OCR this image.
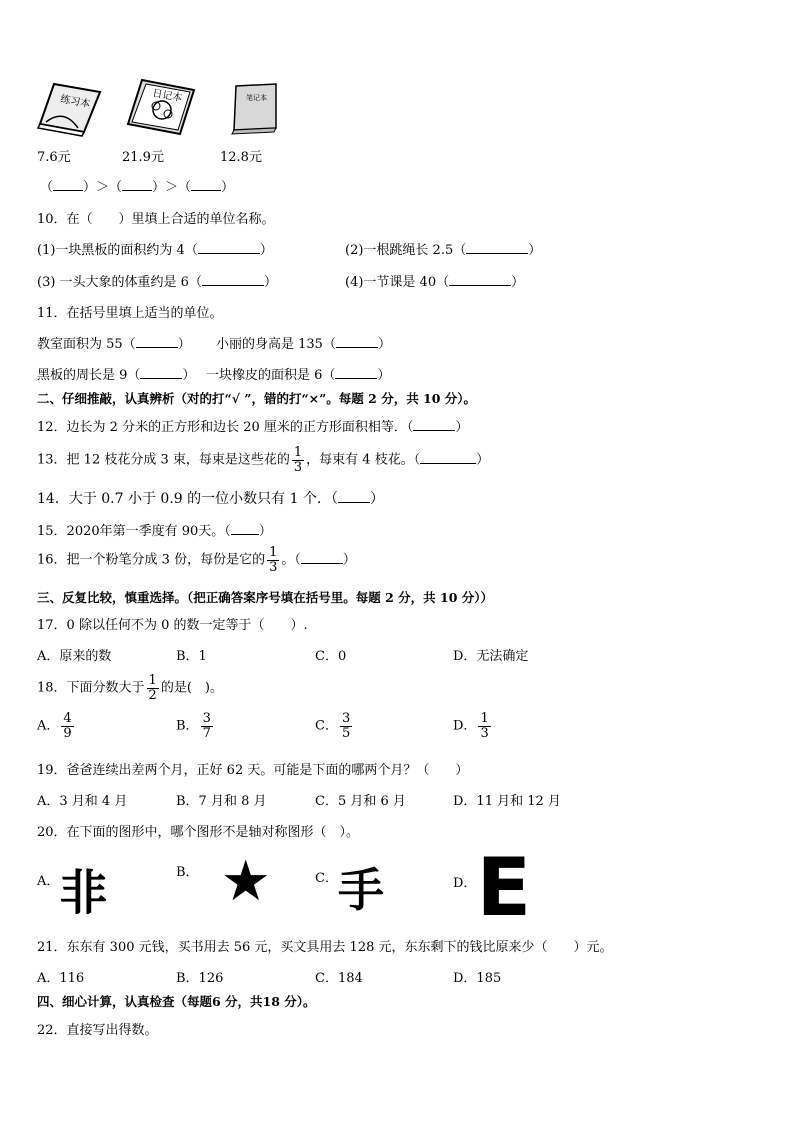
练习本	日记本	笔记本
7.6元	21.9元	12.8元
（ ）＞（ ）＞（ ）
10．在（　　）里填上合适的单位名称。
(1)一块黑板的面积约为 4（	）	(2)一根跳绳长 2.5（	）
(3) 一头大象的体重约是 6（	）	(4)一节课是 40（	）
11．在括号里填上适当的单位。
教室面积为 55（	） 小丽的身高是 135（	）
黑板的周长是 9（	） 一块橡皮的面积是 6（	）
二、仔细推敲，认真辨析（对的打“√ ”，错的打“×”。每题 2 分，共 10 分）。
12．边长为 2 分米的正方形和边长 20 厘米的正方形面积相等．（	）
13．把 12 枝花分成 3 束，每束是这些花的 $\frac{1}{3}$ ，每束有 4 枝花。（	）
14．大于 0.7 小于 0.9 的一位小数只有 1 个．（ ）
15．2020年第一季度有 90天。（ ）
16．把一个粉笔分成 3 份，每份是它的 $\frac{1}{3}$ 。（	）
三、反复比较，慎重选择。（把正确答案序号填在括号里。每题 2 分，共 10 分））
17．0 除以任何不为 0 的数一定等于（　　）.
A．原来的数	B．1	C．0	D．无法确定
18．下面分数大于 $\frac{1}{2}$ 的是(　)。
A． $\frac{4}{9}$	B． $\frac{3}{7}$	C． $\frac{3}{5}$	D． $\frac{1}{3}$
19．爸爸连续出差两个月，正好 62 天。可能是下面的哪两个月？（　　）
A．3 月和 4 月	B．7 月和 8 月	C．5 月和 6 月	D．11 月和 12 月
20．在下面的图形中，哪个图形不是轴对称图形（　）。
A．非	B． ★	C．手	D．E
21．东东有 300 元钱，买书用去 56 元，买文具用去 128 元，东东剩下的钱比原来少（　　）元。
A．116	B．126	C．184	D．185
四、细心计算，认真检查（每题6 分，共18 分）。
22．直接写出得数。
